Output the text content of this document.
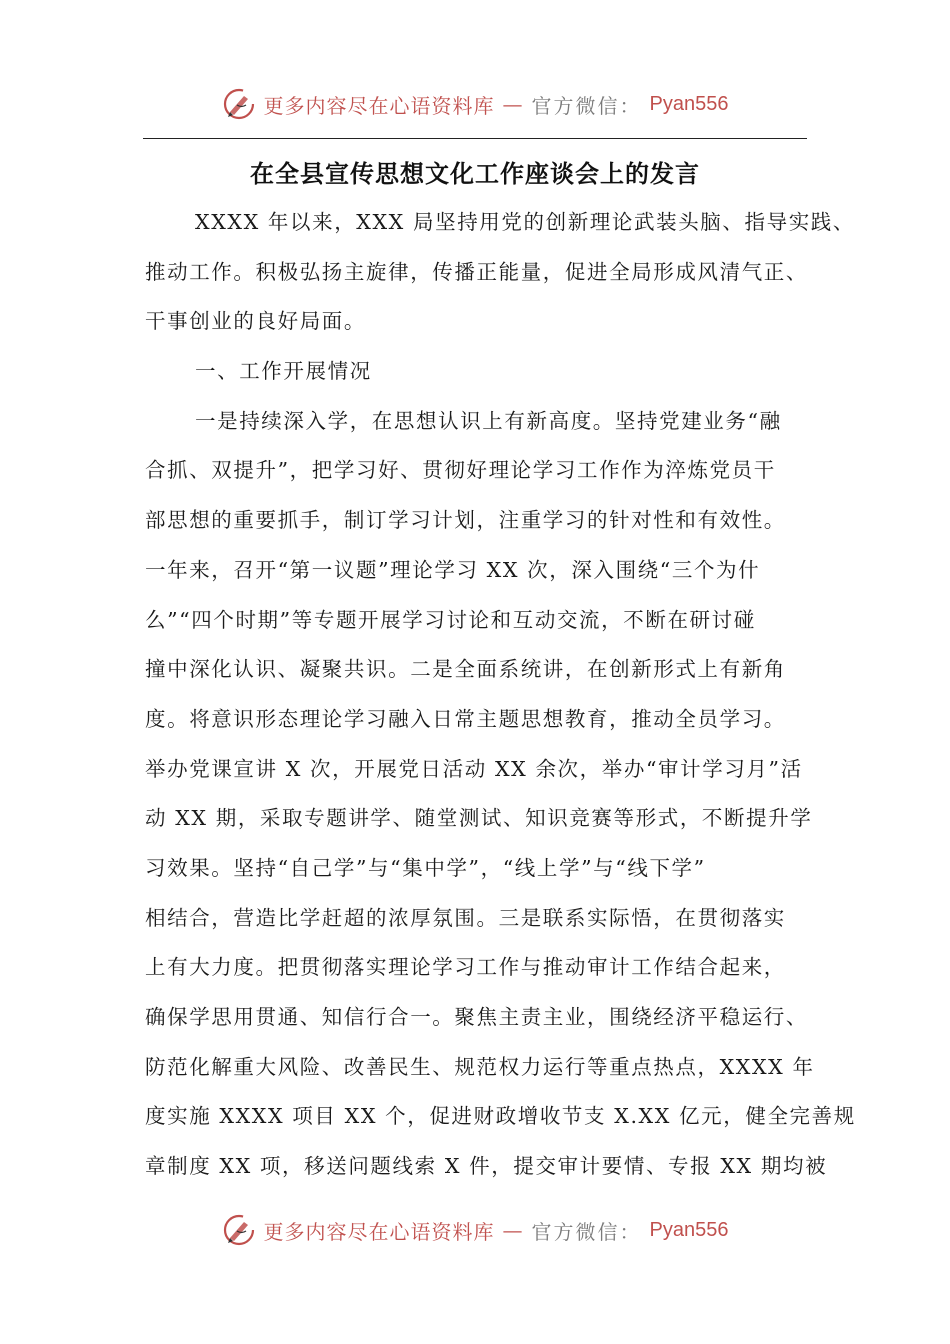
更多内容尽在心语资料库 — 官方微信： Pyan556
在全县宣传思想文化工作座谈会上的发言
XXXX 年以来，XXX 局坚持用党的创新理论武装头脑、指导实践、
推动工作。积极弘扬主旋律，传播正能量，促进全局形成风清气正、
干事创业的良好局面。
一、工作开展情况
一是持续深入学，在思想认识上有新高度。坚持党建业务“融
合抓、双提升”，把学习好、贯彻好理论学习工作作为淬炼党员干
部思想的重要抓手，制订学习计划，注重学习的针对性和有效性。
一年来，召开“第一议题”理论学习 XX 次，深入围绕“三个为什
么”“四个时期”等专题开展学习讨论和互动交流，不断在研讨碰
撞中深化认识、凝聚共识。二是全面系统讲，在创新形式上有新角
度。将意识形态理论学习融入日常主题思想教育，推动全员学习。
举办党课宣讲 X 次，开展党日活动 XX 余次，举办“审计学习月”活
动 XX 期，采取专题讲学、随堂测试、知识竞赛等形式，不断提升学
习效果。坚持“自己学”与“集中学”，“线上学”与“线下学”
相结合，营造比学赶超的浓厚氛围。三是联系实际悟，在贯彻落实
上有大力度。把贯彻落实理论学习工作与推动审计工作结合起来，
确保学思用贯通、知信行合一。聚焦主责主业，围绕经济平稳运行、
防范化解重大风险、改善民生、规范权力运行等重点热点，XXXX 年
度实施 XXXX 项目 XX 个，促进财政增收节支 X.XX 亿元，健全完善规
章制度 XX 项，移送问题线索 X 件，提交审计要情、专报 XX 期均被
更多内容尽在心语资料库 — 官方微信： Pyan556
